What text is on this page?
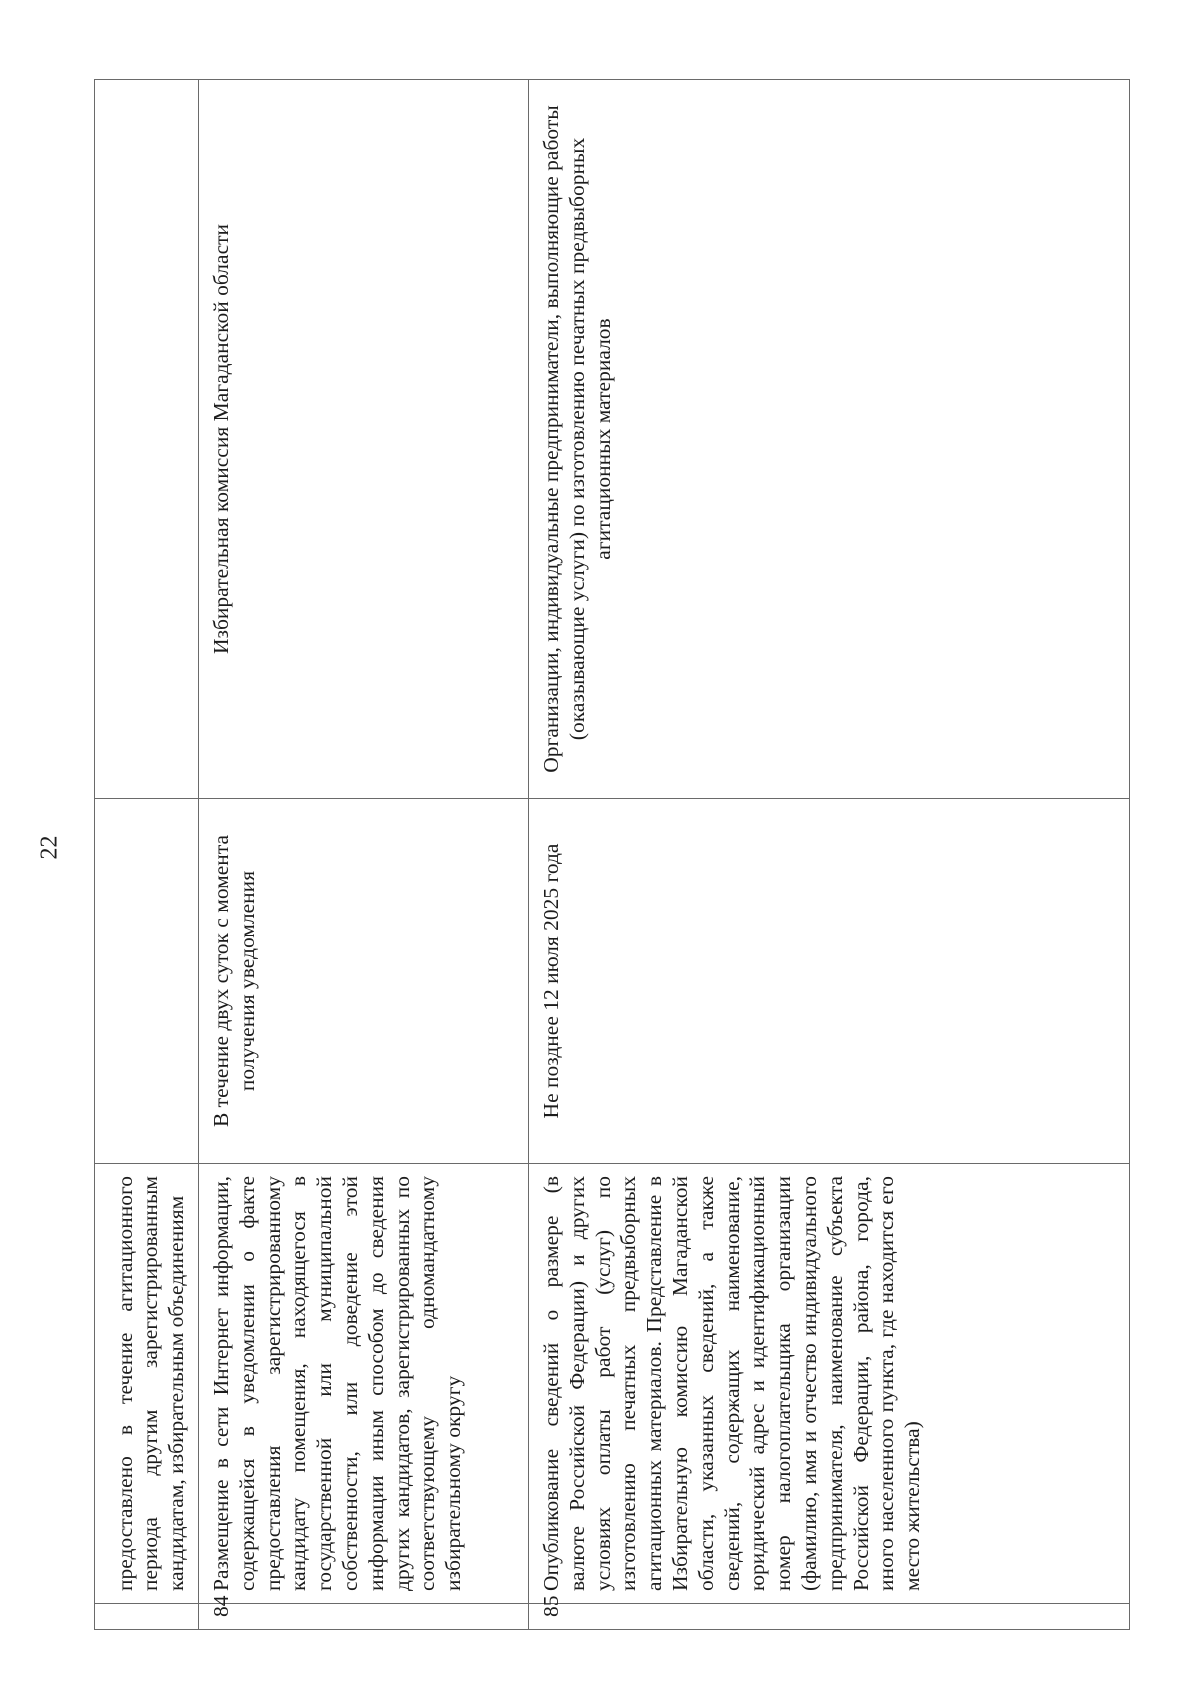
22
	предоставлено в течение агитационного периода другим зарегистрированным кандидатам, избирательным объединениям		
84	Размещение в сети Интернет информации, содержащейся в уведомлении о факте предоставления зарегистрированному кандидату помещения, находящегося в государственной или муниципальной собственности, или доведение этой информации иным способом до сведения других кандидатов, зарегистрированных по соответствующему одномандатному избирательному округу	В течение двух суток с момента получения уведомления	Избирательная комиссия Магаданской области
85	Опубликование сведений о размере (в валюте Российской Федерации) и других условиях оплаты работ (услуг) по изготовлению печатных предвыборных агитационных материалов. Представление в Избирательную комиссию Магаданской области, указанных сведений, а также сведений, содержащих наименование, юридический адрес и идентификационный номер налогоплательщика организации (фамилию, имя и отчество индивидуального предпринимателя, наименование субъекта Российской Федерации, района, города, иного населенного пункта, где находится его место жительства)	Не позднее 12 июля 2025 года	Организации, индивидуальные предприниматели, выполняющие работы (оказывающие услуги) по изготовлению печатных предвыборных агитационных материалов
